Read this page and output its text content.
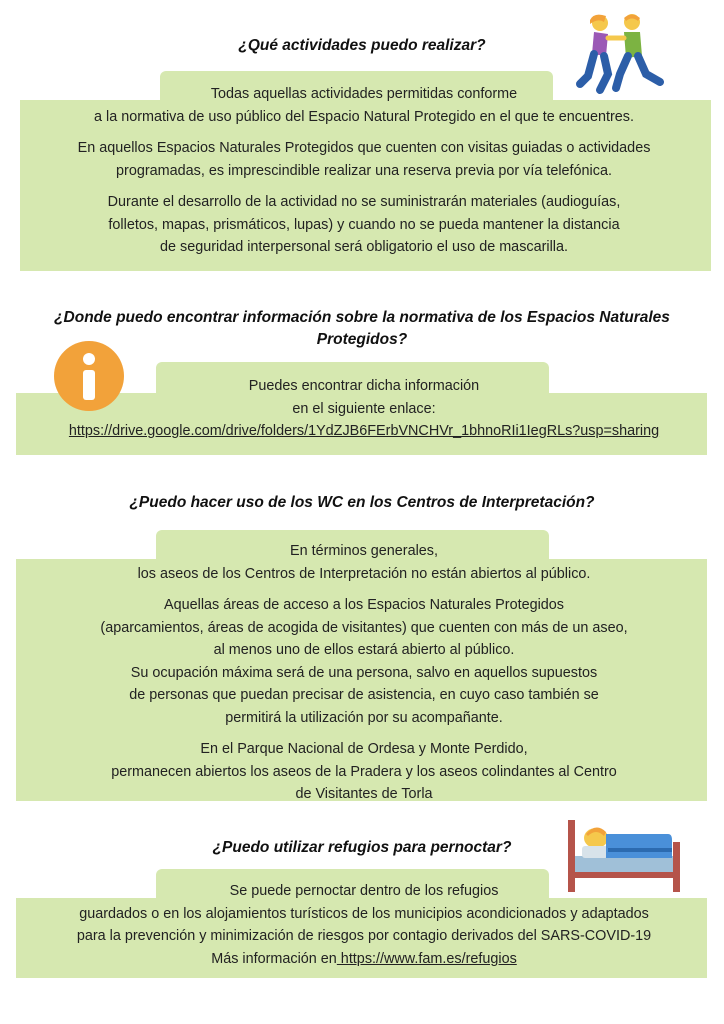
¿Qué actividades puedo realizar?
Todas aquellas actividades permitidas conforme
a la normativa de uso público del Espacio Natural Protegido en el que te encuentres.
En aquellos Espacios Naturales Protegidos que cuenten con visitas guiadas o actividades
programadas, es imprescindible realizar una reserva previa por vía telefónica.
Durante el desarrollo de la actividad no se suministrarán materiales (audioguías,
folletos, mapas, prismáticos, lupas) y cuando no se pueda mantener la distancia
de seguridad interpersonal será obligatorio el uso de mascarilla.
¿Donde puedo encontrar información sobre la normativa de los Espacios Naturales
Protegidos?
Puedes encontrar dicha información
en el siguiente enlace:
https://drive.google.com/drive/folders/1YdZJB6FErbVNCHVr_1bhnoRIi1IegRLs?usp=sharing
¿Puedo hacer uso de los WC en los Centros de Interpretación?
En términos generales,
los aseos de los Centros de Interpretación no están abiertos al público.
Aquellas áreas de acceso a los Espacios Naturales Protegidos
(aparcamientos, áreas de acogida de visitantes) que cuenten con más de un aseo,
al menos uno de ellos estará abierto al público.
Su ocupación máxima será de una persona, salvo en aquellos supuestos
de personas que puedan precisar de asistencia, en cuyo caso también se
permitirá la utilización por su acompañante.
En el Parque Nacional de Ordesa y Monte Perdido,
permanecen abiertos los aseos de la Pradera y los aseos colindantes al Centro
de Visitantes de Torla
¿Puedo utilizar refugios para pernoctar?
Se puede pernoctar dentro de los refugios
guardados o en los alojamientos turísticos de los municipios acondicionados y adaptados
para la prevención y minimización de riesgos por contagio derivados del SARS-COVID-19
Más información en https://www.fam.es/refugios
